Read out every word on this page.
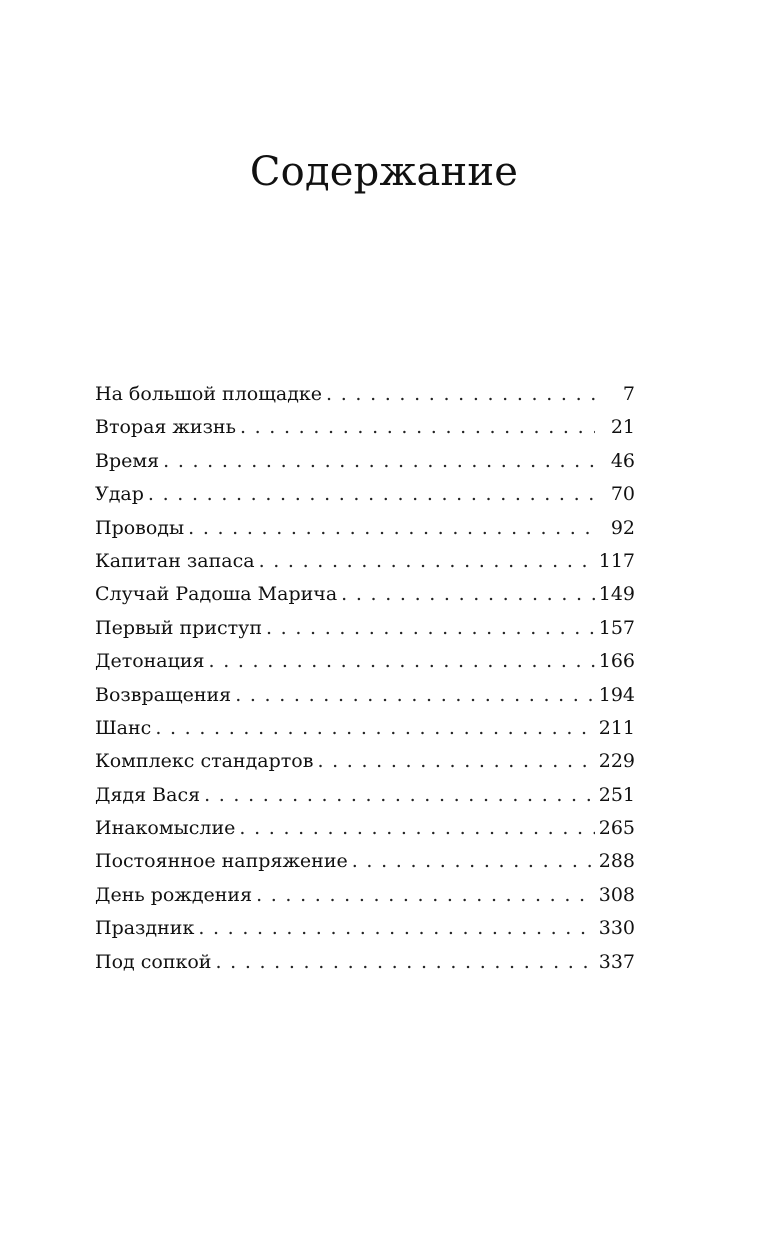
Содержание
На большой площадке . . .	7
Вторая жизнь . . .	21
Время . . .	46
Удар . . .	70
Проводы . . .	92
Капитан запаса . . .	117
Случай Радоша Марича . . .	149
Первый приступ . . .	157
Детонация . . .	166
Возвращения . . .	194
Шанс . . .	211
Комплекс стандартов . . .	229
Дядя Вася . . .	251
Инакомыслие . . .	265
Постоянное напряжение . . .	288
День рождения . . .	308
Праздник . . .	330
Под сопкой . . .	337
